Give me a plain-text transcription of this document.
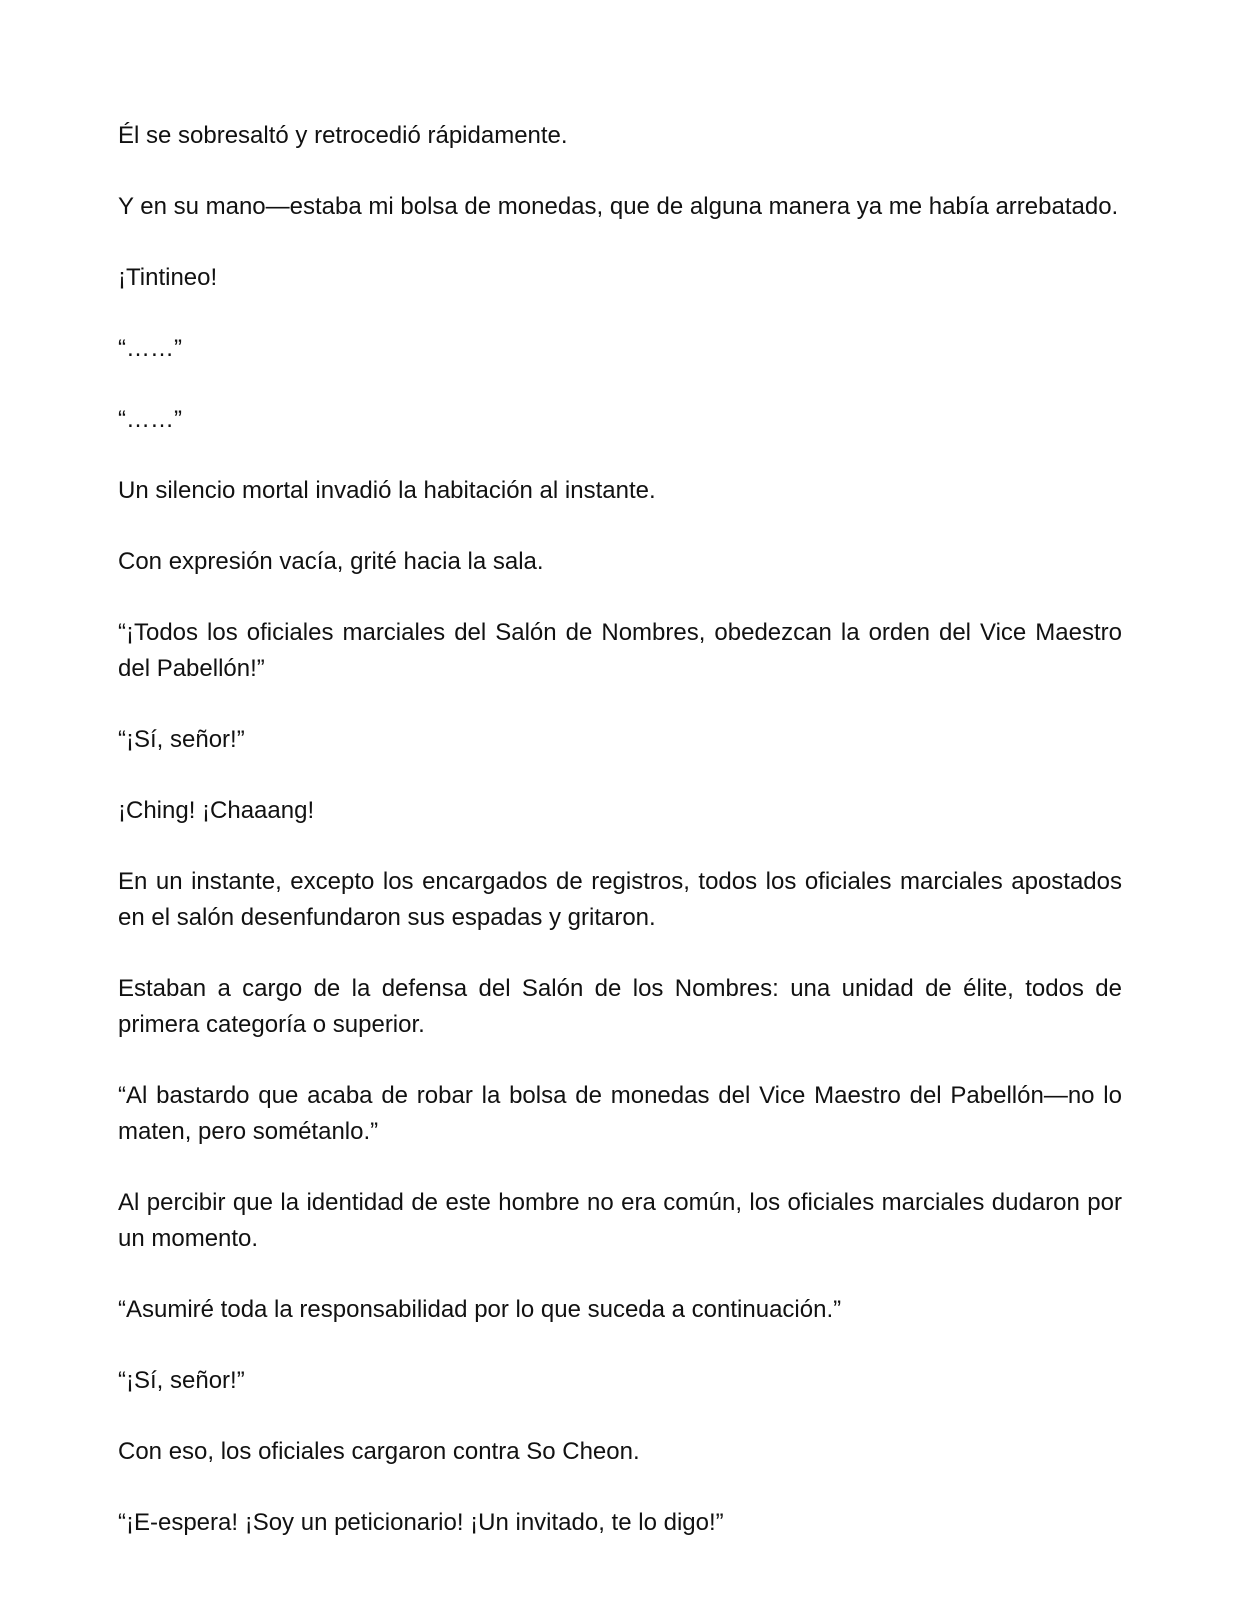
Él se sobresaltó y retrocedió rápidamente.

Y en su mano—estaba mi bolsa de monedas, que de alguna manera ya me había arrebatado.

¡Tintineo!

“……”

“……”

Un silencio mortal invadió la habitación al instante.

Con expresión vacía, grité hacia la sala.

“¡Todos los oficiales marciales del Salón de Nombres, obedezcan la orden del Vice Maestro del Pabellón!”

“¡Sí, señor!”

¡Ching! ¡Chaaang!

En un instante, excepto los encargados de registros, todos los oficiales marciales apostados en el salón desenfundaron sus espadas y gritaron.

Estaban a cargo de la defensa del Salón de los Nombres: una unidad de élite, todos de primera categoría o superior.

“Al bastardo que acaba de robar la bolsa de monedas del Vice Maestro del Pabellón—no lo maten, pero sométanlo.”

Al percibir que la identidad de este hombre no era común, los oficiales marciales dudaron por un momento.

“Asumiré toda la responsabilidad por lo que suceda a continuación.”

“¡Sí, señor!”

Con eso, los oficiales cargaron contra So Cheon.

“¡E-espera! ¡Soy un peticionario! ¡Un invitado, te lo digo!”
